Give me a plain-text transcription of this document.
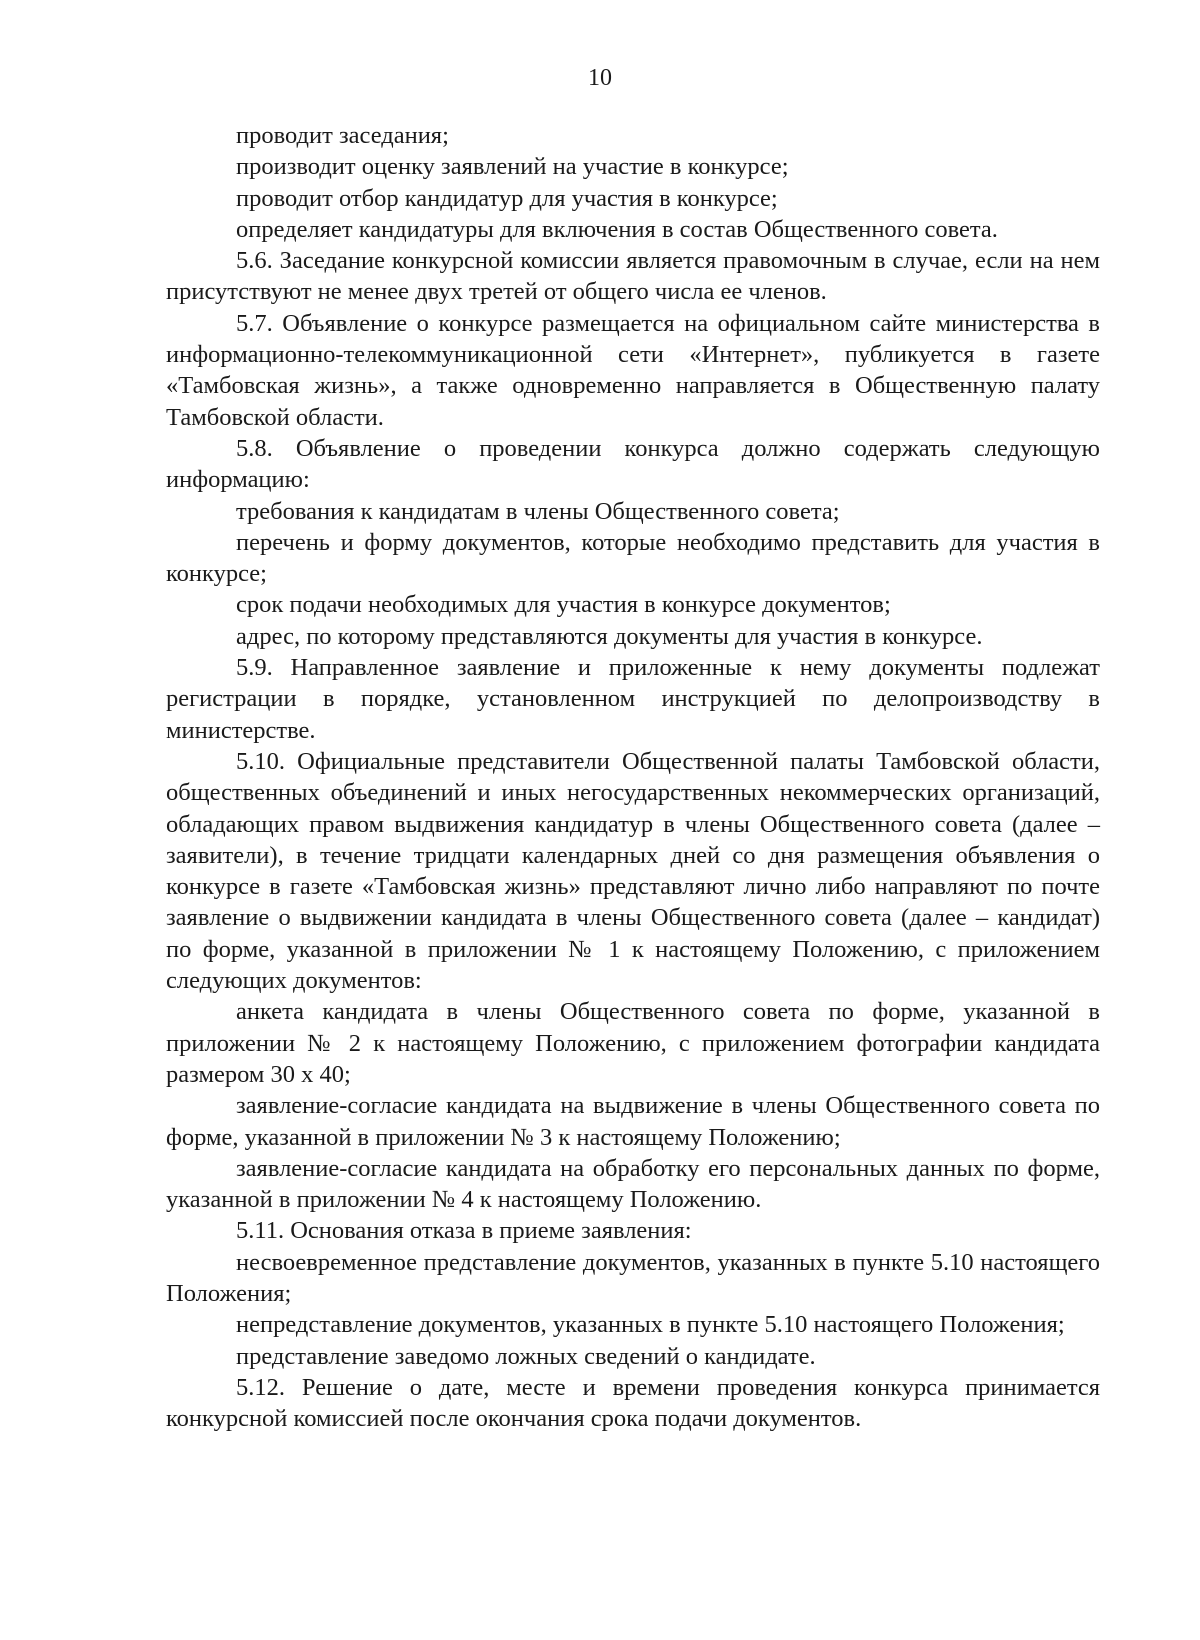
10

проводит заседания;

производит оценку заявлений на участие в конкурсе;

проводит отбор кандидатур для участия в конкурсе;

определяет кандидатуры для включения в состав Общественного совета.

5.6. Заседание конкурсной комиссии является правомочным в случае, если на нем присутствуют не менее двух третей от общего числа ее членов.

5.7. Объявление о конкурсе размещается на официальном сайте министерства в информационно-телекоммуникационной сети «Интернет», публикуется в газете «Тамбовская жизнь», а также одновременно направляется в Общественную палату Тамбовской области.

5.8. Объявление о проведении конкурса должно содержать следующую информацию:

требования к кандидатам в члены Общественного совета;

перечень и форму документов, которые необходимо представить для участия в конкурсе;

срок подачи необходимых для участия в конкурсе документов;

адрес, по которому представляются документы для участия в конкурсе.

5.9. Направленное заявление и приложенные к нему документы подлежат регистрации в порядке, установленном инструкцией по делопроизводству в министерстве.

5.10. Официальные представители Общественной палаты Тамбовской области, общественных объединений и иных негосударственных некоммерческих организаций, обладающих правом выдвижения кандидатур в члены Общественного совета (далее – заявители), в течение тридцати календарных дней со дня размещения объявления о конкурсе в газете «Тамбовская жизнь» представляют лично либо направляют по почте заявление о выдвижении кандидата в члены Общественного совета (далее – кандидат) по форме, указанной в приложении № 1 к настоящему Положению, с приложением следующих документов:

анкета кандидата в члены Общественного совета по форме, указанной в приложении № 2 к настоящему Положению, с приложением фотографии кандидата размером 30 х 40;

заявление-согласие кандидата на выдвижение в члены Общественного совета по форме, указанной в приложении № 3 к настоящему Положению;

заявление-согласие кандидата на обработку его персональных данных по форме, указанной в приложении № 4 к настоящему Положению.

5.11. Основания отказа в приеме заявления:

несвоевременное представление документов, указанных в пункте 5.10 настоящего Положения;

непредставление документов, указанных в пункте 5.10 настоящего Положения;

представление заведомо ложных сведений о кандидате.

5.12. Решение о дате, месте и времени проведения конкурса принимается конкурсной комиссией после окончания срока подачи документов.
